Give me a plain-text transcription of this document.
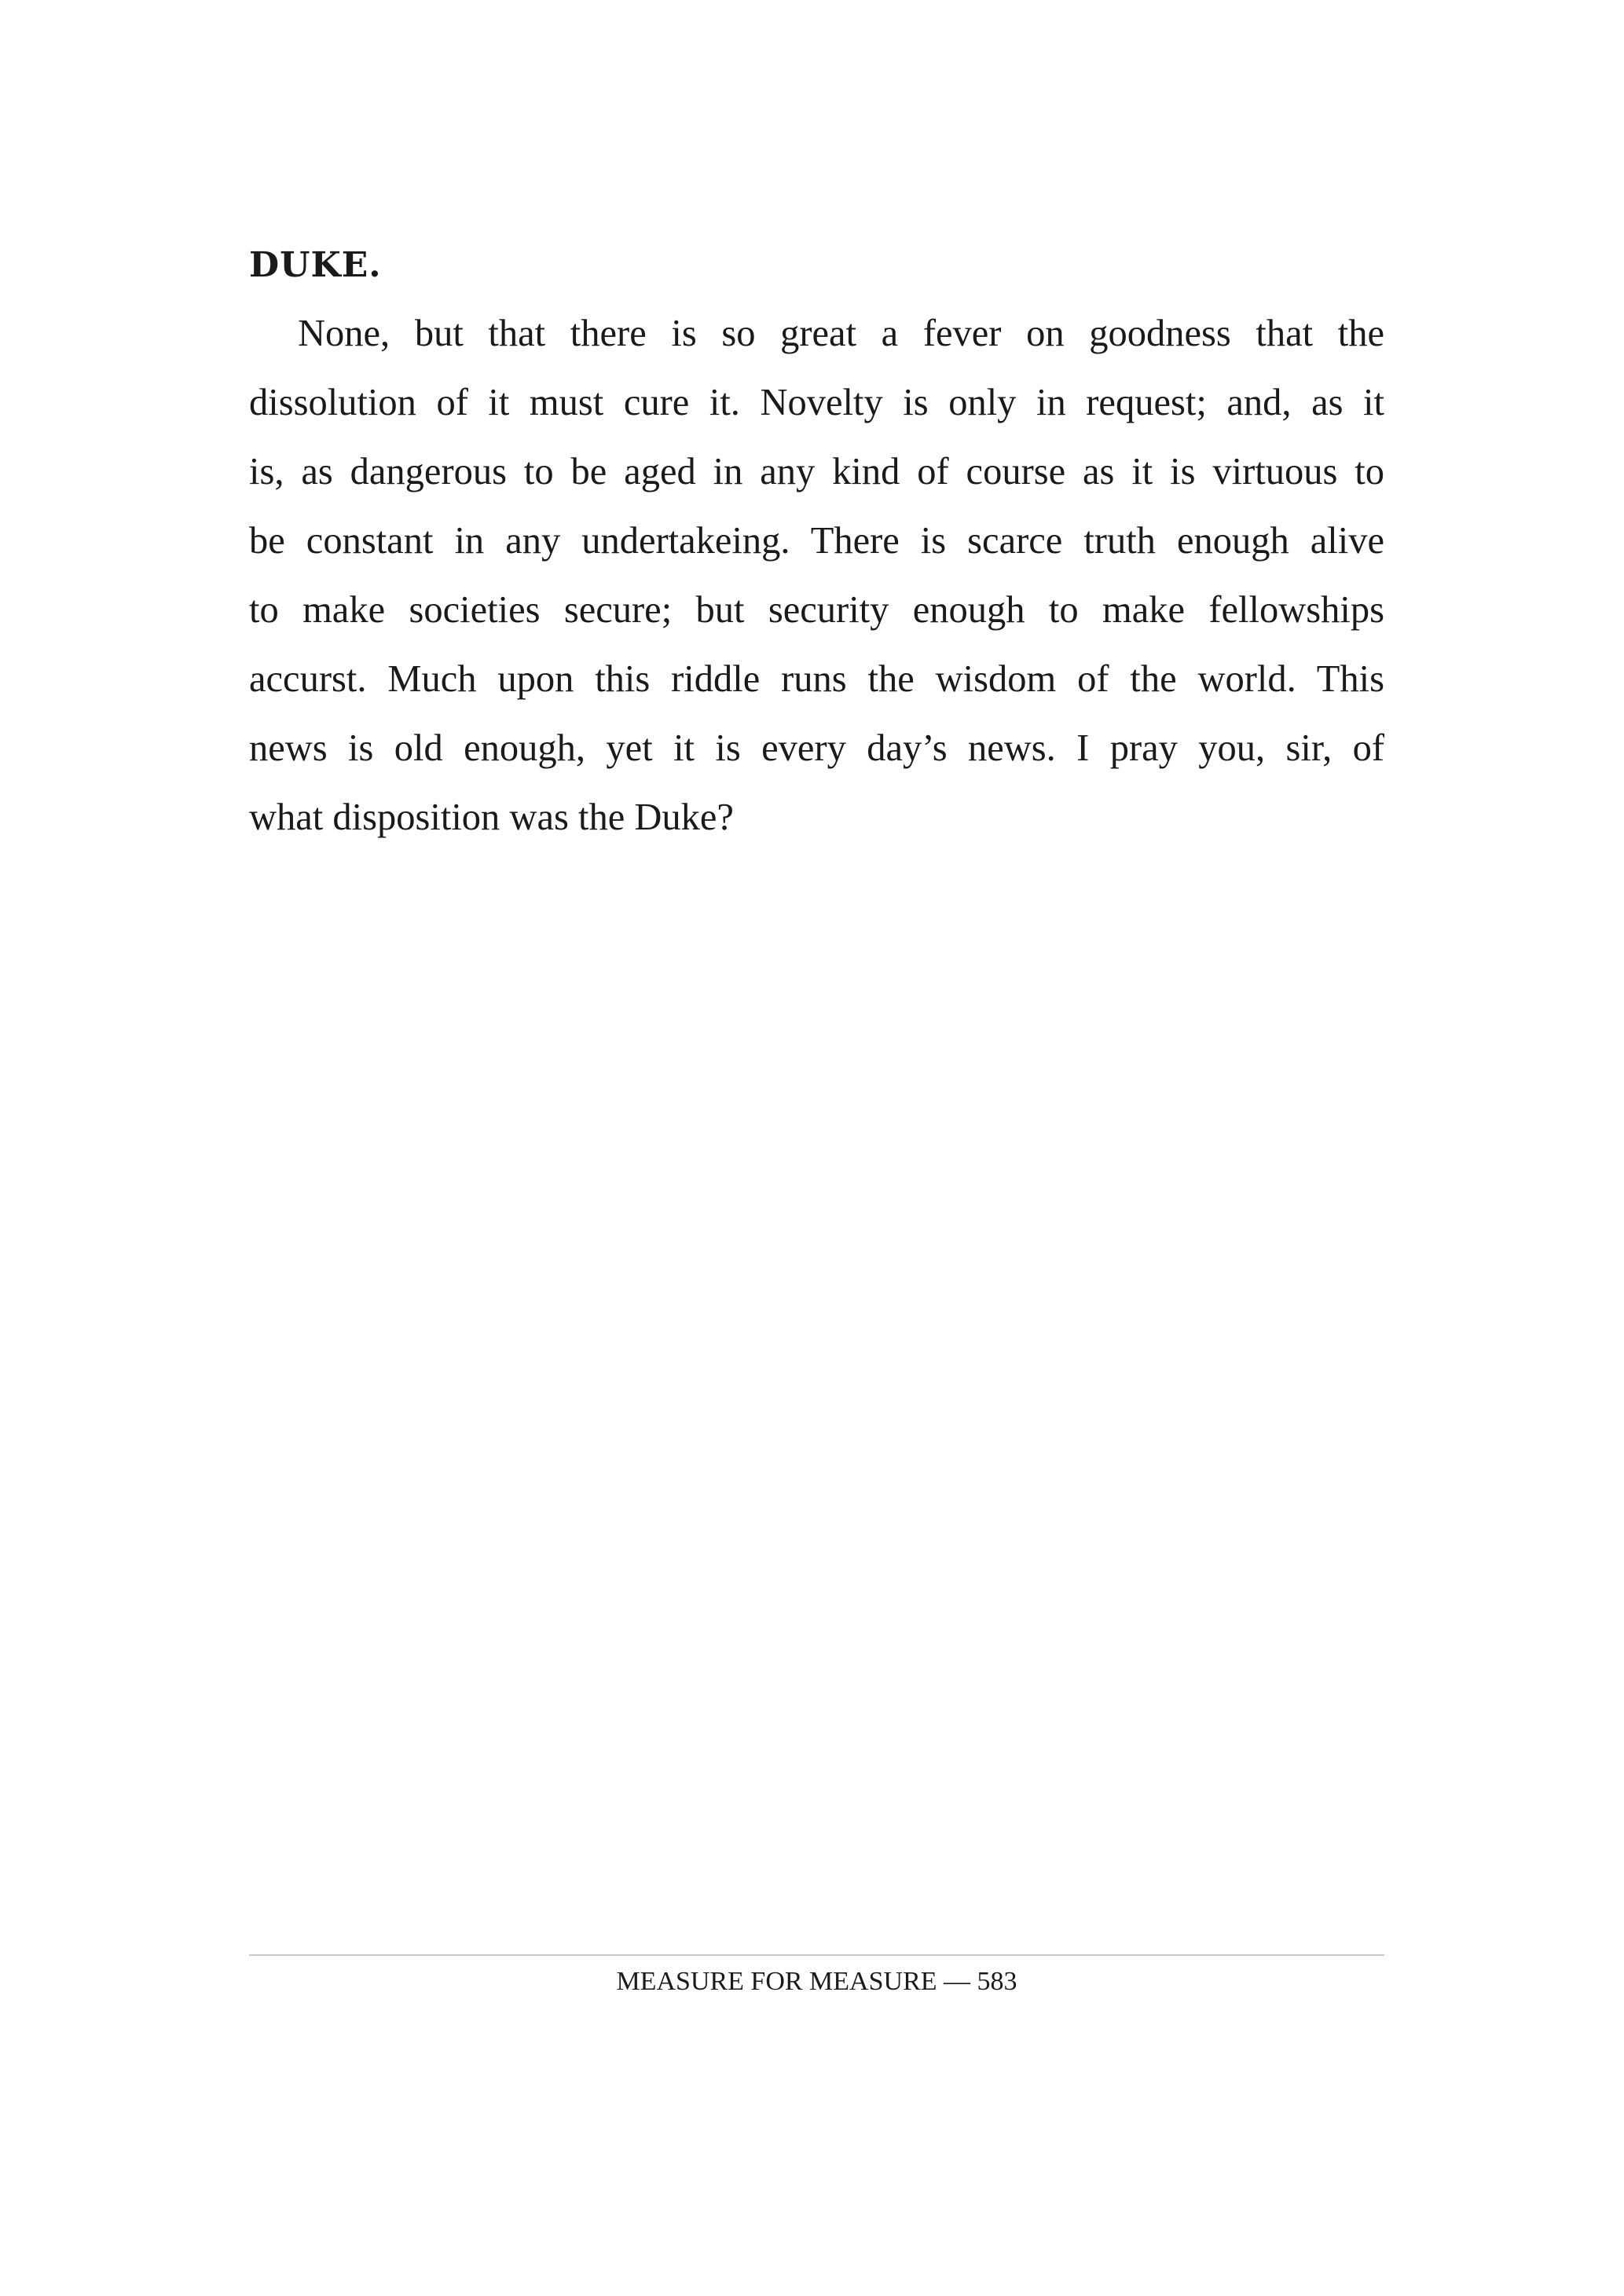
DUKE.
None, but that there is so great a fever on goodness that the
dissolution of it must cure it. Novelty is only in request; and, as it
is, as dangerous to be aged in any kind of course as it is virtuous to
be constant in any undertakeing. There is scarce truth enough alive
to make societies secure; but security enough to make fellowships
accurst. Much upon this riddle runs the wisdom of the world. This
news is old enough, yet it is every day’s news. I pray you, sir, of
what disposition was the Duke?
MEASURE FOR MEASURE — 583
